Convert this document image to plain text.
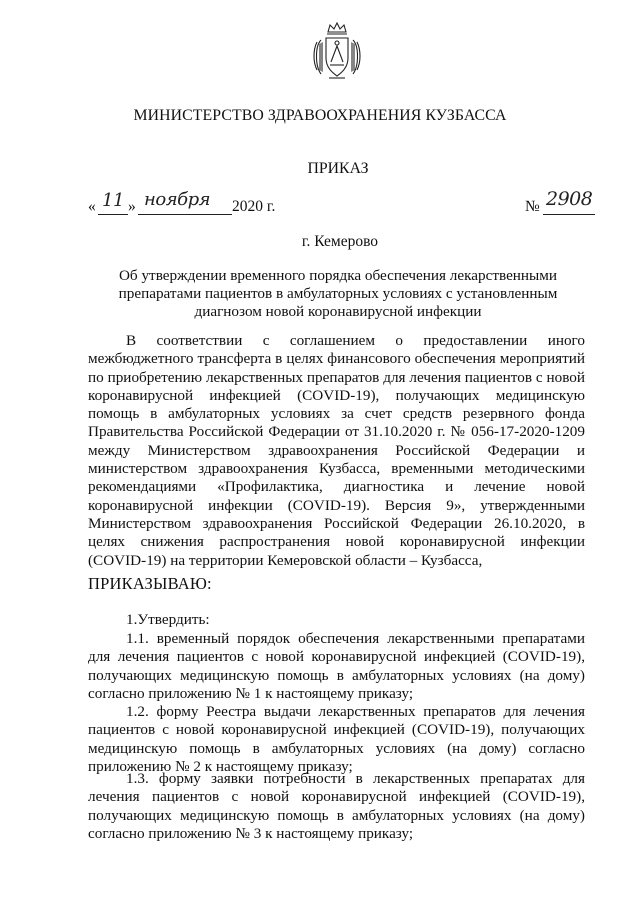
МИНИСТЕРСТВО ЗДРАВООХРАНЕНИЯ КУЗБАССА
ПРИКАЗ
« 11 » ноября 2020 г.	№ 2908
г. Кемерово
Об утверждении временного порядка обеспечения лекарственными препаратами пациентов в амбулаторных условиях с установленным диагнозом новой коронавирусной инфекции
В соответствии с соглашением о предоставлении иного межбюджетного трансферта в целях финансового обеспечения мероприятий по приобретению лекарственных препаратов для лечения пациентов с новой коронавирусной инфекцией (COVID-19), получающих медицинскую помощь в амбулаторных условиях за счет средств резервного фонда Правительства Российской Федерации от 31.10.2020 г. № 056-17-2020-1209 между Министерством здравоохранения Российской Федерации и министерством здравоохранения Кузбасса, временными методическими рекомендациями «Профилактика, диагностика и лечение новой коронавирусной инфекции (COVID-19). Версия 9», утвержденными Министерством здравоохранения Российской Федерации 26.10.2020, в целях снижения распространения новой коронавирусной инфекции (COVID-19) на территории Кемеровской области – Кузбасса,
ПРИКАЗЫВАЮ:
1.Утвердить:
1.1. временный порядок обеспечения лекарственными препаратами для лечения пациентов с новой коронавирусной инфекцией (COVID-19), получающих медицинскую помощь в амбулаторных условиях (на дому) согласно приложению № 1 к настоящему приказу;
1.2. форму Реестра выдачи лекарственных препаратов для лечения пациентов с новой коронавирусной инфекцией (COVID-19), получающих медицинскую помощь в амбулаторных условиях (на дому) согласно приложению № 2 к настоящему приказу;
1.3. форму заявки потребности в лекарственных препаратах для лечения пациентов с новой коронавирусной инфекцией (COVID-19), получающих медицинскую помощь в амбулаторных условиях (на дому) согласно приложению № 3 к настоящему приказу;
